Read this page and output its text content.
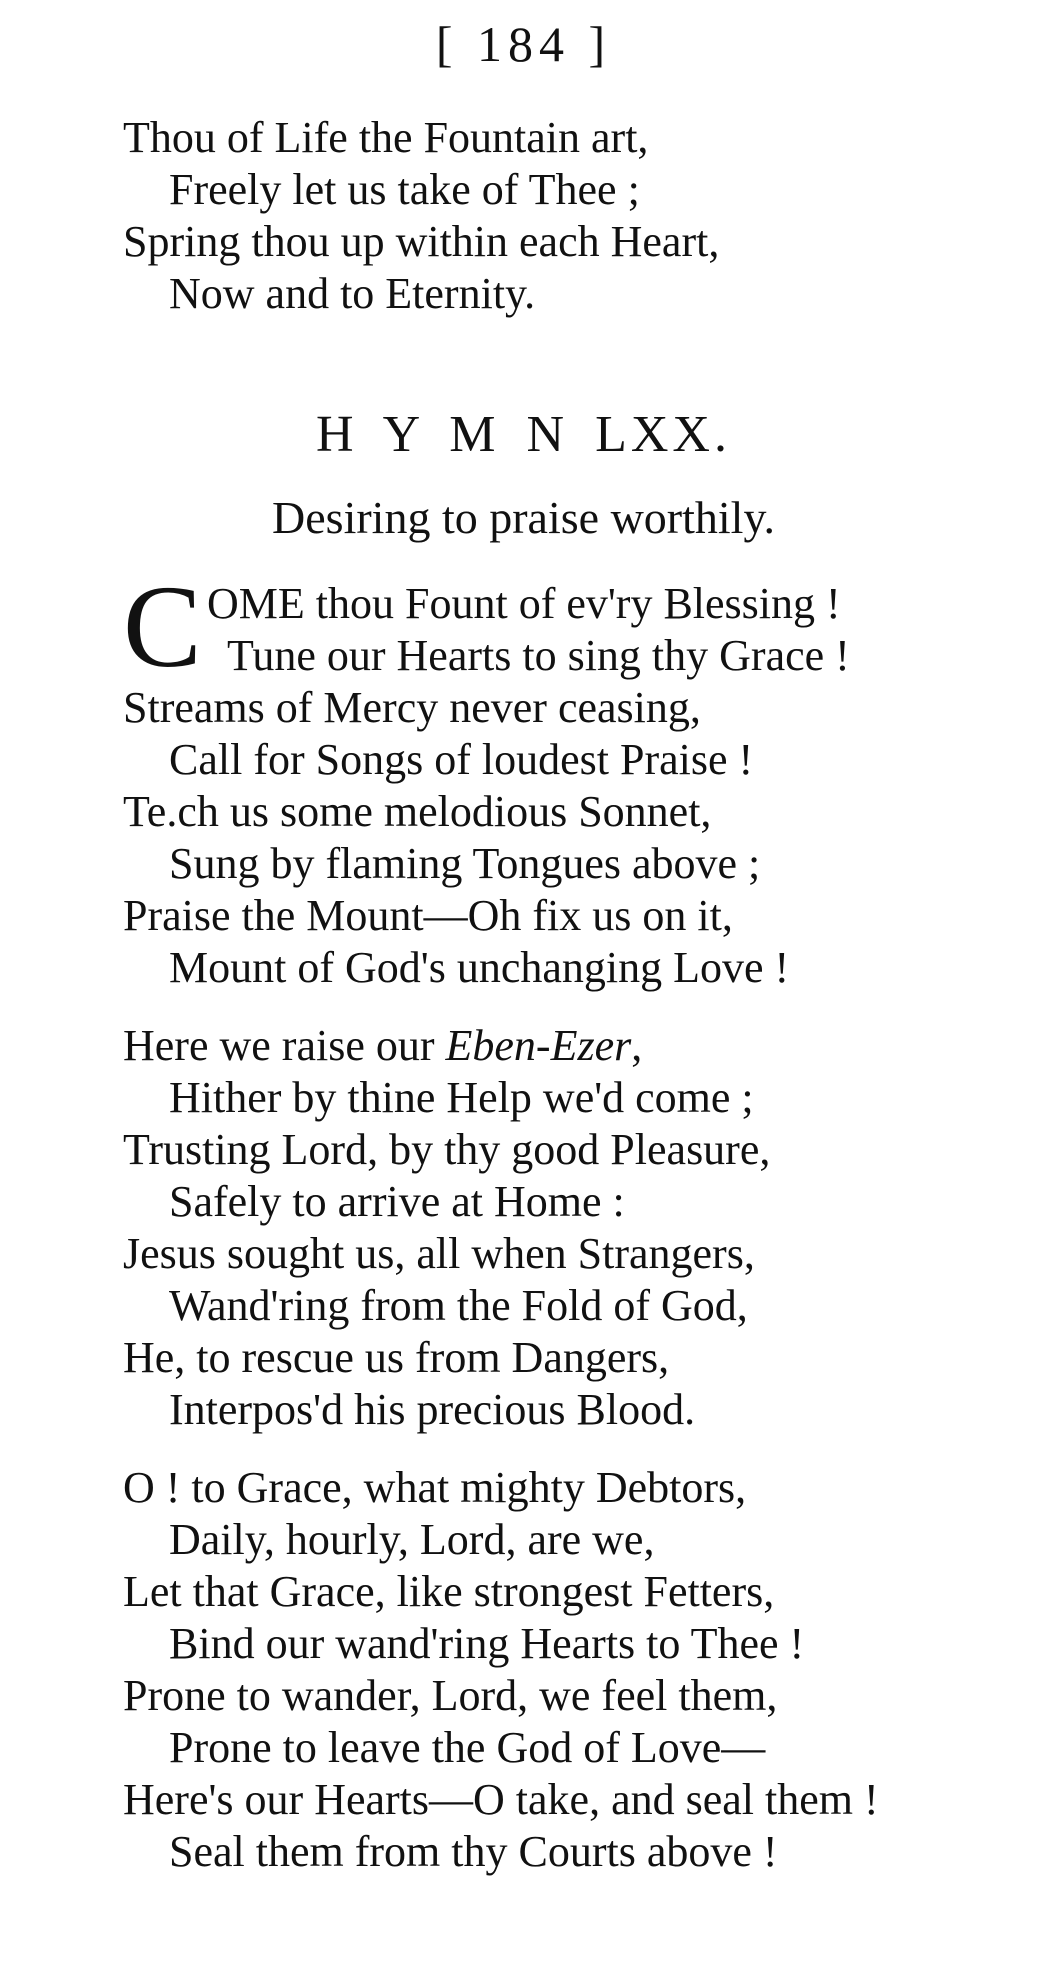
[ 184 ]
Thou of Life the Fountain art,
Freely let us take of Thee ;
Spring thou up within each Heart,
Now and to Eternity.
H Y M N LXX.
Desiring to praise worthily.
C OME thou Fount of ev'ry Blessing !
Tune our Hearts to sing thy Grace !
Streams of Mercy never ceasing,
Call for Songs of loudest Praise !
Te.ch us some melodious Sonnet,
Sung by flaming Tongues above ;
Praise the Mount—Oh fix us on it,
Mount of God's unchanging Love !
Here we raise our Eben-Ezer,
Hither by thine Help we'd come ;
Trusting Lord, by thy good Pleasure,
Safely to arrive at Home :
Jesus sought us, all when Strangers,
Wand'ring from the Fold of God,
He, to rescue us from Dangers,
Interpos'd his precious Blood.
O ! to Grace, what mighty Debtors,
Daily, hourly, Lord, are we,
Let that Grace, like strongest Fetters,
Bind our wand'ring Hearts to Thee !
Prone to wander, Lord, we feel them,
Prone to leave the God of Love—
Here's our Hearts—O take, and seal them !
Seal them from thy Courts above !
